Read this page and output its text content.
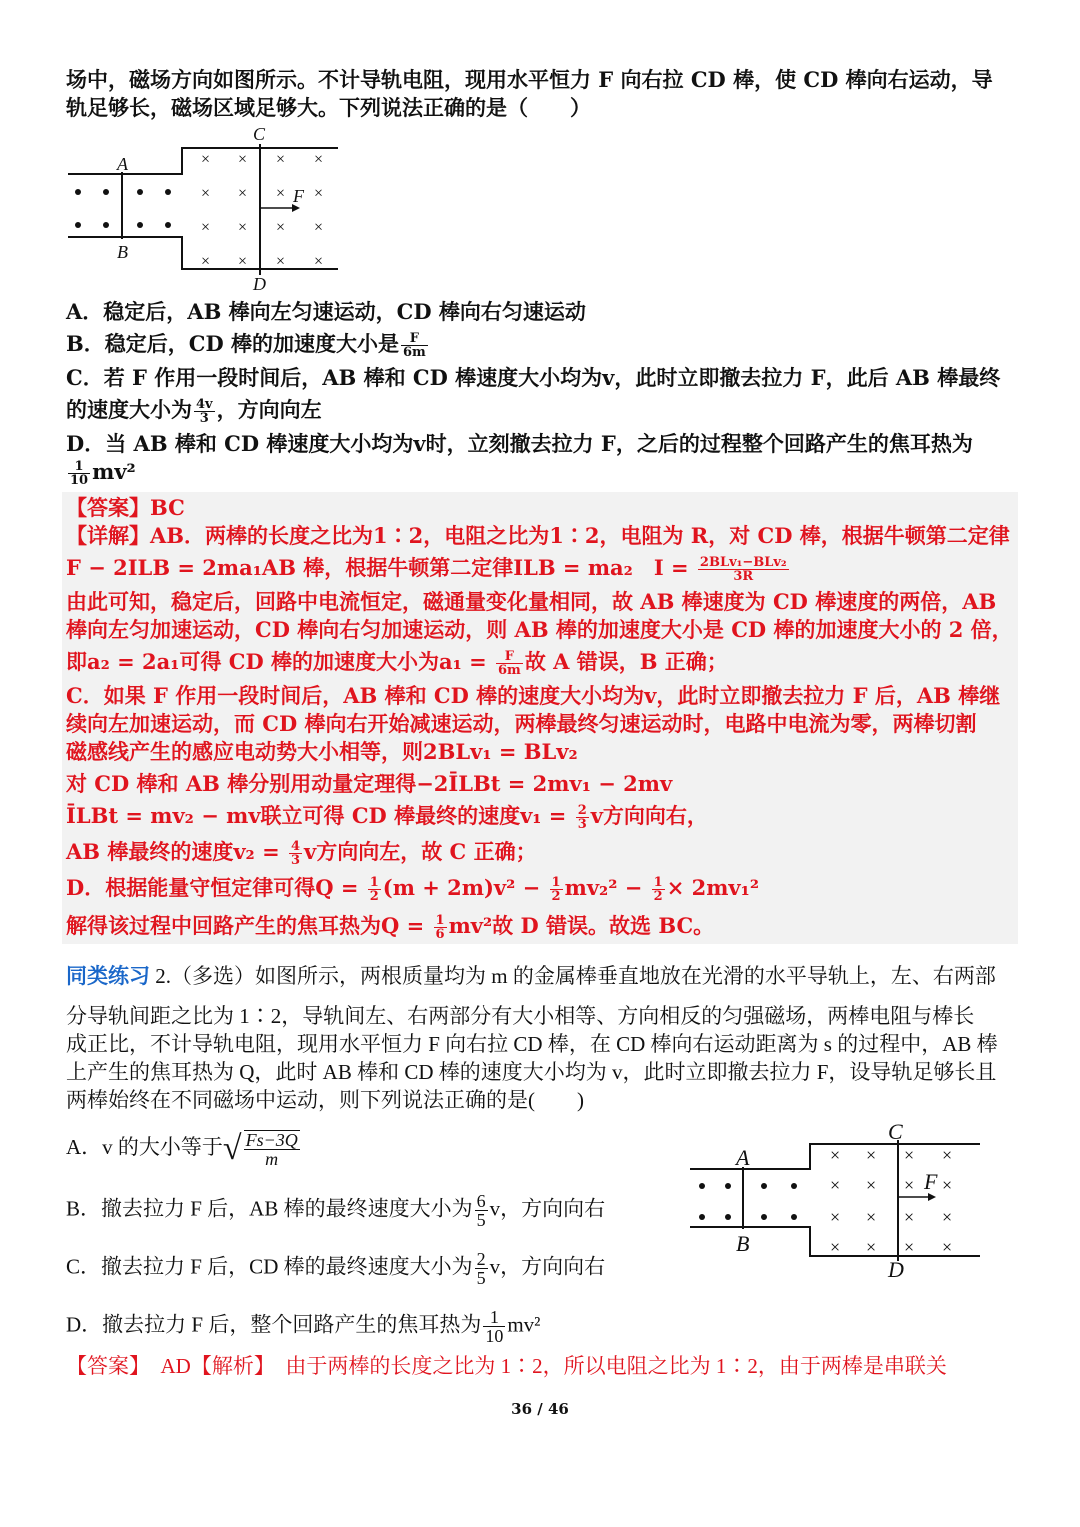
场中，磁场方向如图所示。不计导轨电阻，现用水平恒力 F 向右拉 CD 棒，使 CD 棒向右运动，导
轨足够长，磁场区域足够大。下列说法正确的是（　　）
× × × ×
× × × ×
× × × ×
× × × ×
A
B
C
D
F
A．稳定后，AB 棒向左匀速运动，CD 棒向右匀速运动
B．稳定后，CD 棒的加速度大小是 $\frac{F}{6m}$
C．若 F 作用一段时间后，AB 棒和 CD 棒速度大小均为v，此时立即撤去拉力 F，此后 AB 棒最终
的速度大小为 $\frac{4v}{3}$ ，方向向左
D．当 AB 棒和 CD 棒速度大小均为v时，立刻撤去拉力 F，之后的过程整个回路产生的焦耳热为
$\frac{1}{10} mv^2$
【答案】BC
【详解】AB．两棒的长度之比为1∶2，电阻之比为1∶2，电阻为 R，对 CD 棒，根据牛顿第二定律
F − 2ILB = 2ma₁AB 棒，根据牛顿第二定律ILB = ma₂　$I = \frac{\text{2BLv₁−BLv₂}}{3R}$
由此可知，稳定后，回路中电流恒定，磁通量变化量相同，故 AB 棒速度为 CD 棒速度的两倍，AB
棒向左匀加速运动，CD 棒向右匀加速运动，则 AB 棒的加速度大小是 CD 棒的加速度大小的 2 倍，
即a₂ = 2a₁可得 CD 棒的加速度大小为$a_1 = \frac{F}{6m}$ 故 A 错误，B 正确；
C．如果 F 作用一段时间后，AB 棒和 CD 棒的速度大小均为v，此时立即撤去拉力 F 后，AB 棒继
续向左加速运动，而 CD 棒向右开始减速运动，两棒最终匀速运动时，电路中电流为零，两棒切割
磁感线产生的感应电动势大小相等，则2BLv₁ = BLv₂
对 CD 棒和 AB 棒分别用动量定理得−2ĪLBt = 2mv₁ − 2mv
ĪLBt = mv₂ − mv联立可得 CD 棒最终的速度$v_1 = \frac{2}{3}$ v方向向右，
AB 棒最终的速度$v_2 = \frac{4}{3}$ v方向向左，故 C 正确；
D．根据能量守恒定律可得$Q = \frac{1}{2} (m + 2m)v^2 - \frac{1}{2} mv_2^2 - \frac{1}{2} \times 2mv_1^2$
解得该过程中回路产生的焦耳热为$Q = \frac{1}{6} mv^2$故 D 错误。故选 BC。
同类练习 2.（多选）如图所示，两根质量均为 m 的金属棒垂直地放在光滑的水平导轨上，左、右两部
分导轨间距之比为 1∶2，导轨间左、右两部分有大小相等、方向相反的匀强磁场，两棒电阻与棒长
成正比，不计导轨电阻，现用水平恒力 F 向右拉 CD 棒，在 CD 棒向右运动距离为 s 的过程中，AB 棒
上产生的焦耳热为 Q，此时 AB 棒和 CD 棒的速度大小均为 v，此时立即撤去拉力 F，设导轨足够长且
两棒始终在不同磁场中运动，则下列说法正确的是(　　)
A．v 的大小等于√ $\frac{Fs-3Q}{m}$
B．撤去拉力 F 后，AB 棒的最终速度大小为 $\frac{6}{5}$ v，方向向右
C．撤去拉力 F 后，CD 棒的最终速度大小为 $\frac{2}{5}$ v，方向向右
D．撤去拉力 F 后，整个回路产生的焦耳热为 $\frac{1}{10} mv^2$
× × × ×
× × × ×
× × × ×
× × × ×
A
B
C
D
F
【答案】　AD【解析】　由于两棒的长度之比为 1∶2，所以电阻之比为 1∶2，由于两棒是串联关
36 / 46
